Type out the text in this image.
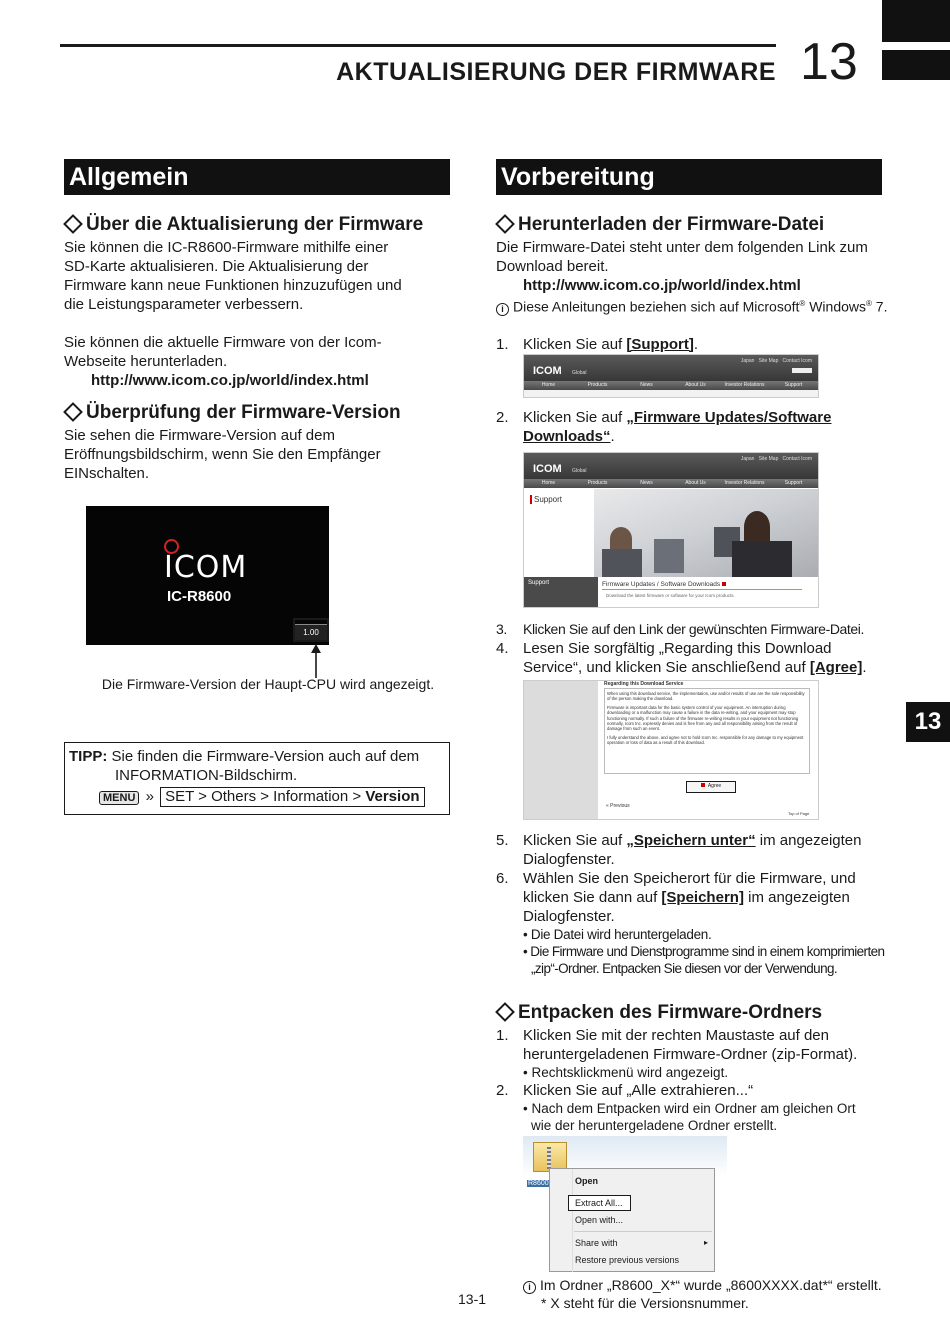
AKTUALISIERUNG DER FIRMWARE 13
13
Allgemein
Über die Aktualisierung der Firmware
Sie können die IC-R8600-Firmware mithilfe einer
SD-Karte aktualisieren. Die Aktualisierung der
Firmware kann neue Funktionen hinzuzufügen und
die Leistungsparameter verbessern.
Sie können die aktuelle Firmware von der Icom-
Webseite herunterladen.
http://www.icom.co.jp/world/index.html
Überprüfung der Firmware-Version
Sie sehen die Firmware-Version auf dem
Eröffnungsbildschirm, wenn Sie den Empfänger
EINschalten.
ICOM
IC-R8600
1.00
Die Firmware-Version der Haupt-CPU wird angezeigt.
TIPP: Sie finden die Firmware-Version auch auf dem
INFORMATION-Bildschirm.
MENU » SET > Others > Information > Version
Vorbereitung
Herunterladen der Firmware-Datei
Die Firmware-Datei steht unter dem folgenden Link zum
Download bereit.
http://www.icom.co.jp/world/index.html
i Diese Anleitungen beziehen sich auf Microsoft® Windows® 7.
1. Klicken Sie auf [Support].
ICOM Global
Japan Site Map Contact Icom
Home	Products	News	About Us	Investor Relations	Support
2. Klicken Sie auf „Firmware Updates/Software
Downloads“.
ICOM Global
Japan Site Map Contact Icom
Home	Products	News	About Us	Investor Relations	Support
Support
Support	Firmware Updates / Software Downloads
Download the latest firmware or software for your Icom products.
3. Klicken Sie auf den Link der gewünschten Firmware-Datei.
4. Lesen Sie sorgfältig „Regarding this Download
Service“, und klicken Sie anschließend auf [Agree].
Regarding this Download Service
When using this download service, the implementation, use and/or results of use are the sole responsibility of the person making the download.
Firmware is important data for the basic system control of your equipment. An interruption during downloading or a malfunction may cause a failure in the data re-writing, and your equipment may stop functioning normally. If such a failure of the firmware re-writing results in your equipment not functioning normally, Icom Inc. expressly denies and is free from any and all responsibility arising from the result of damage from such an event.
I fully understand the above, and agree not to hold Icom Inc. responsible for any damage to my equipment operation or loss of data as a result of this download.
Agree
« Previous
Top of Page
5. Klicken Sie auf „Speichern unter“ im angezeigten
Dialogfenster.
6. Wählen Sie den Speicherort für die Firmware, und
klicken Sie dann auf [Speichern] im angezeigten
Dialogfenster.
• Die Datei wird heruntergeladen.
• Die Firmware und Dienstprogramme sind in einem komprimierten
„zip“-Ordner. Entpacken Sie diesen vor der Verwendung.
Entpacken des Firmware-Ordners
1. Klicken Sie mit der rechten Maustaste auf den
heruntergeladenen Firmware-Ordner (zip-Format).
• Rechtsklickmenü wird angezeigt.
2. Klicken Sie auf „Alle extrahieren...“
• Nach dem Entpacken wird ein Ordner am gleichen Ort
wie der heruntergeladene Ordner erstellt.
R8600	Open
Extract All...
Open with...
Share with	▸
Restore previous versions
i Im Ordner „R8600_X*“ wurde „8600XXXX.dat*“ erstellt.
* X steht für die Versionsnummer.
13-1
